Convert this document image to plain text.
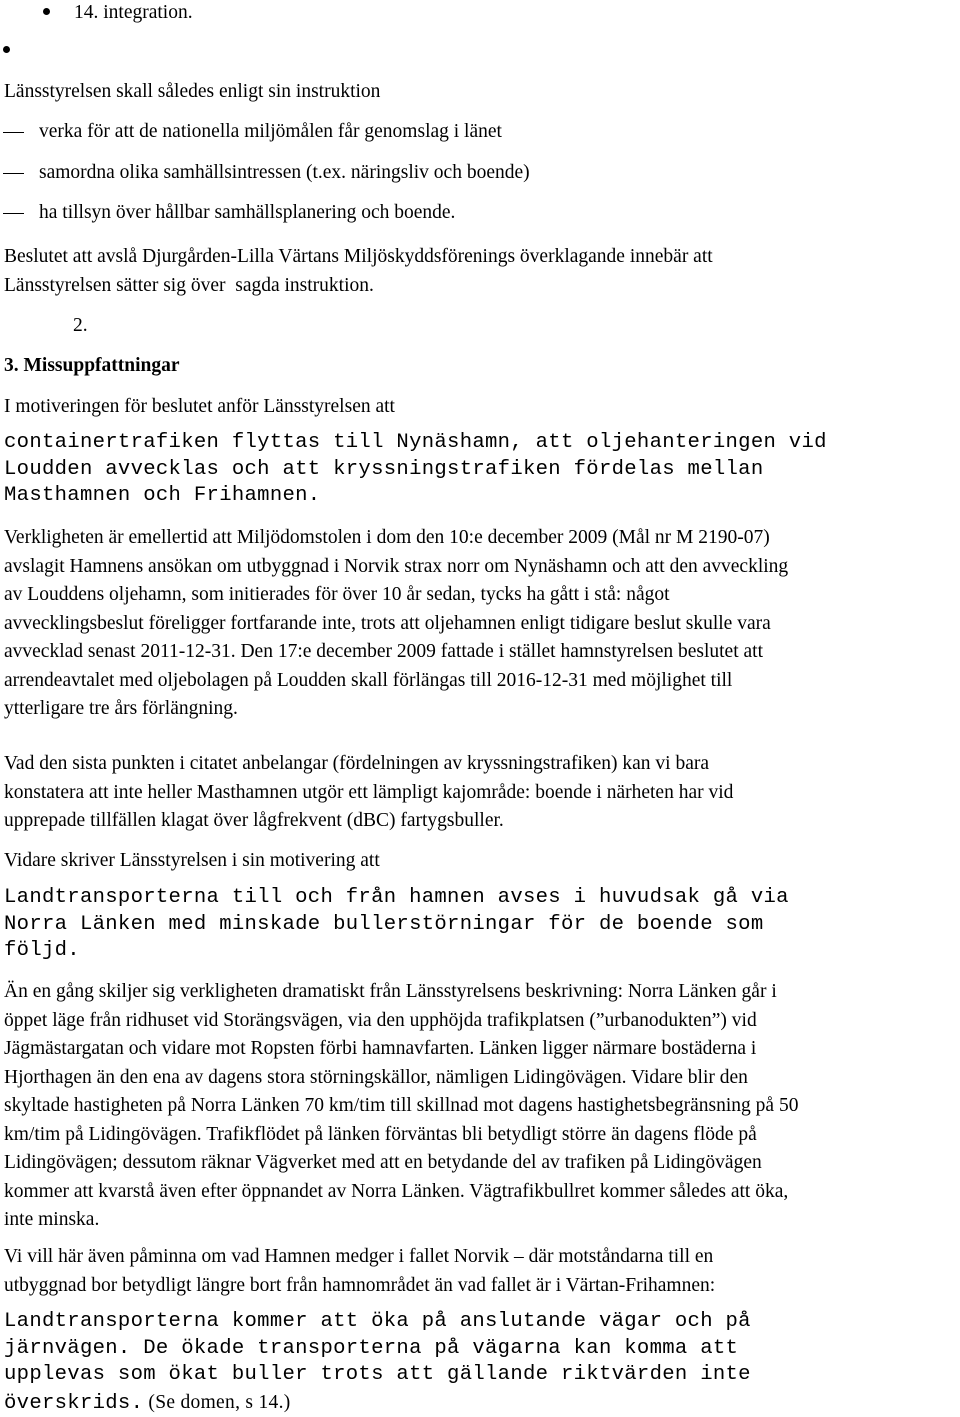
14. integration.
Länsstyrelsen skall således enligt sin instruktion
verka för att de nationella miljömålen får genomslag i länet
samordna olika samhällsintressen (t.ex. näringsliv och boende)
ha tillsyn över hållbar samhällsplanering och boende.
Beslutet att avslå Djurgården-Lilla Värtans Miljöskyddsförenings överklagande innebär att
Länsstyrelsen sätter sig över  sagda instruktion.
2.
3. Missuppfattningar
I motiveringen för beslutet anför Länsstyrelsen att
containertrafiken flyttas till Nynäshamn, att oljehanteringen vid
Loudden avvecklas och att kryssningstrafiken fördelas mellan
Masthamnen och Frihamnen.
Verkligheten är emellertid att Miljödomstolen i dom den 10:e december 2009 (Mål nr M 2190-07)
avslagit Hamnens ansökan om utbyggnad i Norvik strax norr om Nynäshamn och att den avveckling
av Louddens oljehamn, som initierades för över 10 år sedan, tycks ha gått i stå: något
avvecklingsbeslut föreligger fortfarande inte, trots att oljehamnen enligt tidigare beslut skulle vara
avvecklad senast 2011-12-31. Den 17:e december 2009 fattade i stället hamnstyrelsen beslutet att
arrendeavtalet med oljebolagen på Loudden skall förlängas till 2016-12-31 med möjlighet till
ytterligare tre års förlängning.
Vad den sista punkten i citatet anbelangar (fördelningen av kryssningstrafiken) kan vi bara
konstatera att inte heller Masthamnen utgör ett lämpligt kajområde: boende i närheten har vid
upprepade tillfällen klagat över lågfrekvent (dBC) fartygsbuller.
Vidare skriver Länsstyrelsen i sin motivering att
Landtransporterna till och från hamnen avses i huvudsak gå via
Norra Länken med minskade bullerstörningar för de boende som
följd.
Än en gång skiljer sig verkligheten dramatiskt från Länsstyrelsens beskrivning: Norra Länken går i
öppet läge från ridhuset vid Storängsvägen, via den upphöjda trafikplatsen (”urbanodukten”) vid
Jägmästargatan och vidare mot Ropsten förbi hamnavfarten. Länken ligger närmare bostäderna i
Hjorthagen än den ena av dagens stora störningskällor, nämligen Lidingövägen. Vidare blir den
skyltade hastigheten på Norra Länken 70 km/tim till skillnad mot dagens hastighetsbegränsning på 50
km/tim på Lidingövägen. Trafikflödet på länken förväntas bli betydligt större än dagens flöde på
Lidingövägen; dessutom räknar Vägverket med att en betydande del av trafiken på Lidingövägen
kommer att kvarstå även efter öppnandet av Norra Länken. Vägtrafikbullret kommer således att öka,
inte minska.
Vi vill här även påminna om vad Hamnen medger i fallet Norvik – där motståndarna till en
utbyggnad bor betydligt längre bort från hamnområdet än vad fallet är i Värtan-Frihamnen:
Landtransporterna kommer att öka på anslutande vägar och på
järnvägen. De ökade transporterna på vägarna kan komma att
upplevas som ökat buller trots att gällande riktvärden inte
överskrids. (Se domen, s 14.)
